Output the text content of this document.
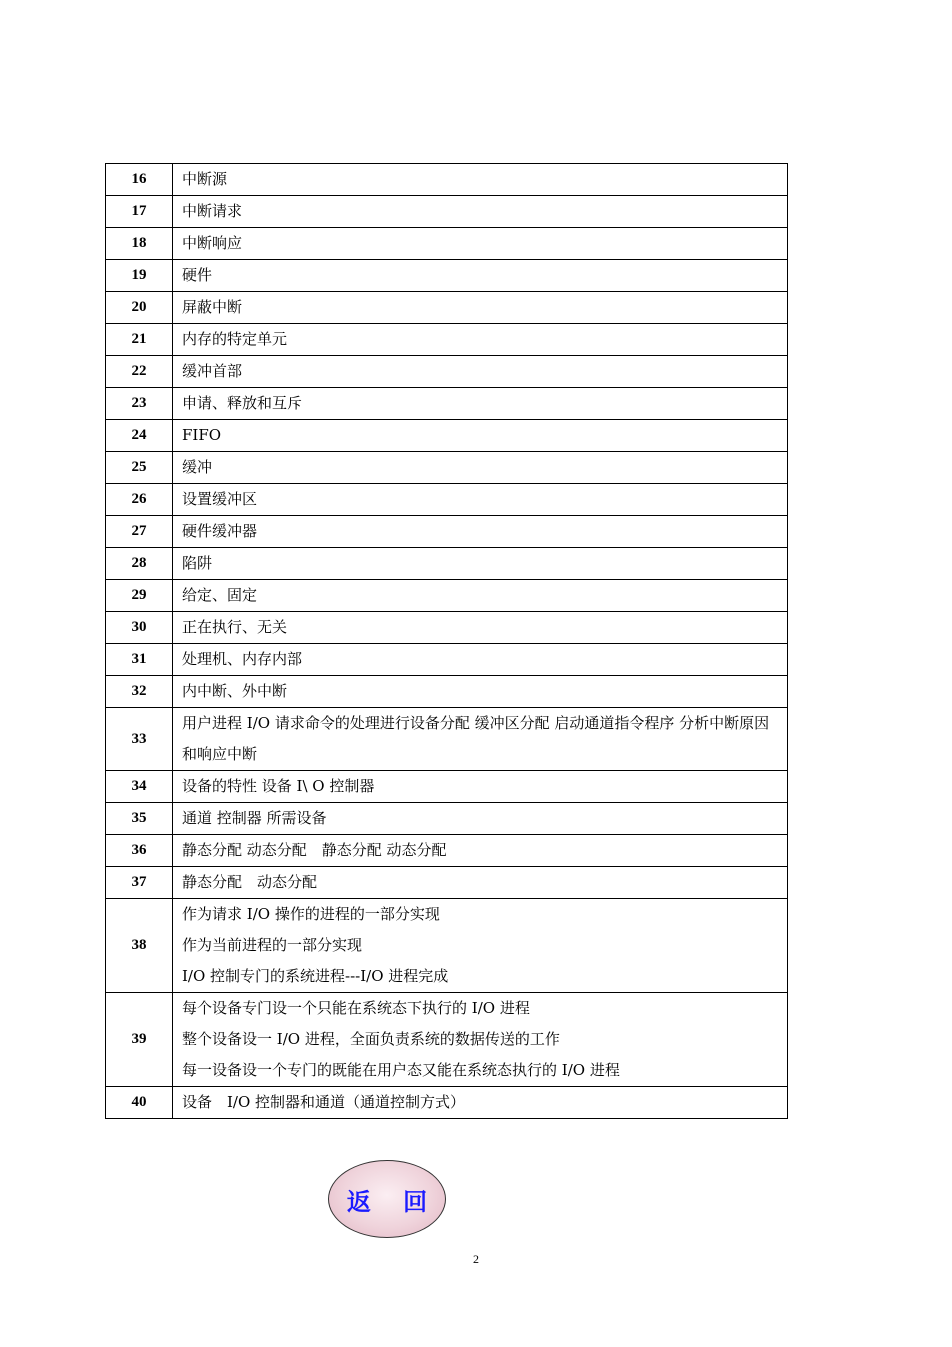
16	中断源

17	中断请求

18	中断响应

19	硬件

20	屏蔽中断

21	内存的特定单元

22	缓冲首部

23	申请、释放和互斥

24	FIFO

25	缓冲

26	设置缓冲区

27	硬件缓冲器

28	陷阱

29	给定、固定

30	正在执行、无关

31	处理机、内存内部

32	内中断、外中断

33	用户进程 I/O 请求命令的处理进行设备分配 缓冲区分配 启动通道指令程序 分析中断原因和响应中断

34	设备的特性 设备 I\ O 控制器

35	通道 控制器 所需设备

36	静态分配 动态分配　静态分配 动态分配

37	静态分配　动态分配

38	作为请求 I/O 操作的进程的一部分实现
作为当前进程的一部分实现
I/O 控制专门的系统进程---I/O 进程完成

39	每个设备专门设一个只能在系统态下执行的 I/O 进程
整个设备设一 I/O 进程，全面负责系统的数据传送的工作
每一设备设一个专门的既能在用户态又能在系统态执行的 I/O 进程

40	设备　I/O 控制器和通道（通道控制方式）
返 回
2
